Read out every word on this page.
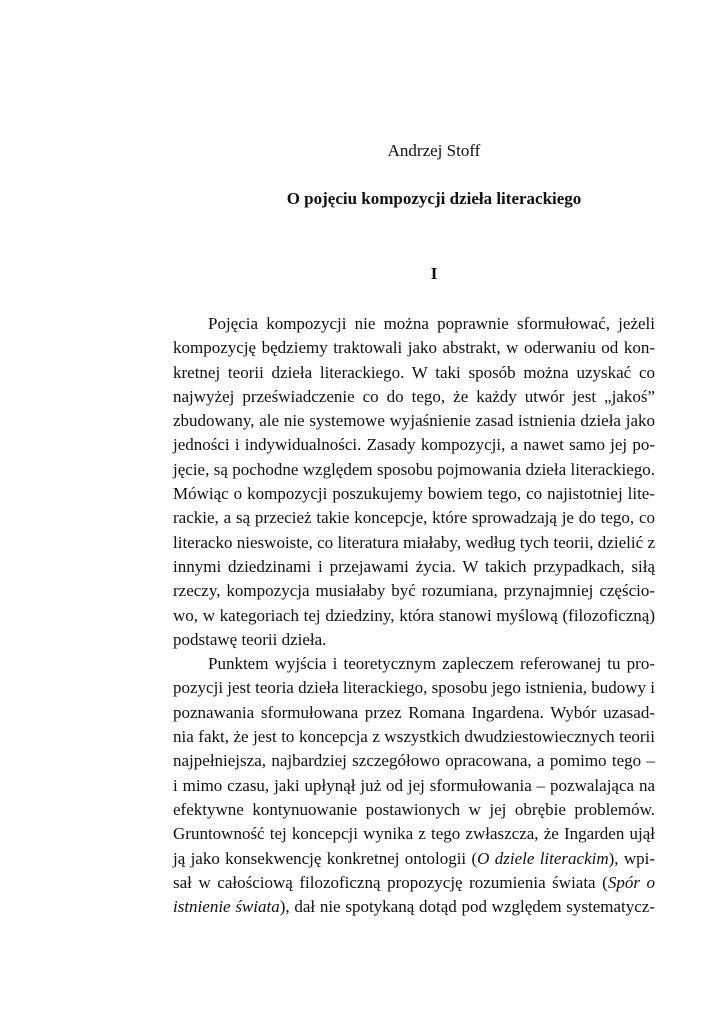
Andrzej Stoff
O pojęciu kompozycji dzieła literackiego
I
Pojęcia kompozycji nie można poprawnie sformułować, jeżeli
kompozycję będziemy traktowali jako abstrakt, w oderwaniu od kon-
kretnej teorii dzieła literackiego. W taki sposób można uzyskać co
najwyżej przeświadczenie co do tego, że każdy utwór jest „jakoś”
zbudowany, ale nie systemowe wyjaśnienie zasad istnienia dzieła jako
jedności i indywidualności. Zasady kompozycji, a nawet samo jej po-
jęcie, są pochodne względem sposobu pojmowania dzieła literackiego.
Mówiąc o kompozycji poszukujemy bowiem tego, co najistotniej lite-
rackie, a są przecież takie koncepcje, które sprowadzają je do tego, co
literacko nieswoiste, co literatura miałaby, według tych teorii, dzielić z
innymi dziedzinami i przejawami życia. W takich przypadkach, siłą
rzeczy, kompozycja musiałaby być rozumiana, przynajmniej częścio-
wo, w kategoriach tej dziedziny, która stanowi myślową (filozoficzną)
podstawę teorii dzieła.
Punktem wyjścia i teoretycznym zapleczem referowanej tu pro-
pozycji jest teoria dzieła literackiego, sposobu jego istnienia, budowy i
poznawania sformułowana przez Romana Ingardena. Wybór uzasad-
nia fakt, że jest to koncepcja z wszystkich dwudziestowiecznych teorii
najpełniejsza, najbardziej szczegółowo opracowana, a pomimo tego –
i mimo czasu, jaki upłynął już od jej sformułowania – pozwalająca na
efektywne kontynuowanie postawionych w jej obrębie problemów.
Gruntowność tej koncepcji wynika z tego zwłaszcza, że Ingarden ujął
ją jako konsekwencję konkretnej ontologii (O dziele literackim), wpi-
sał w całościową filozoficzną propozycję rozumienia świata (Spór o
istnienie świata), dał nie spotykaną dotąd pod względem systematycz-
